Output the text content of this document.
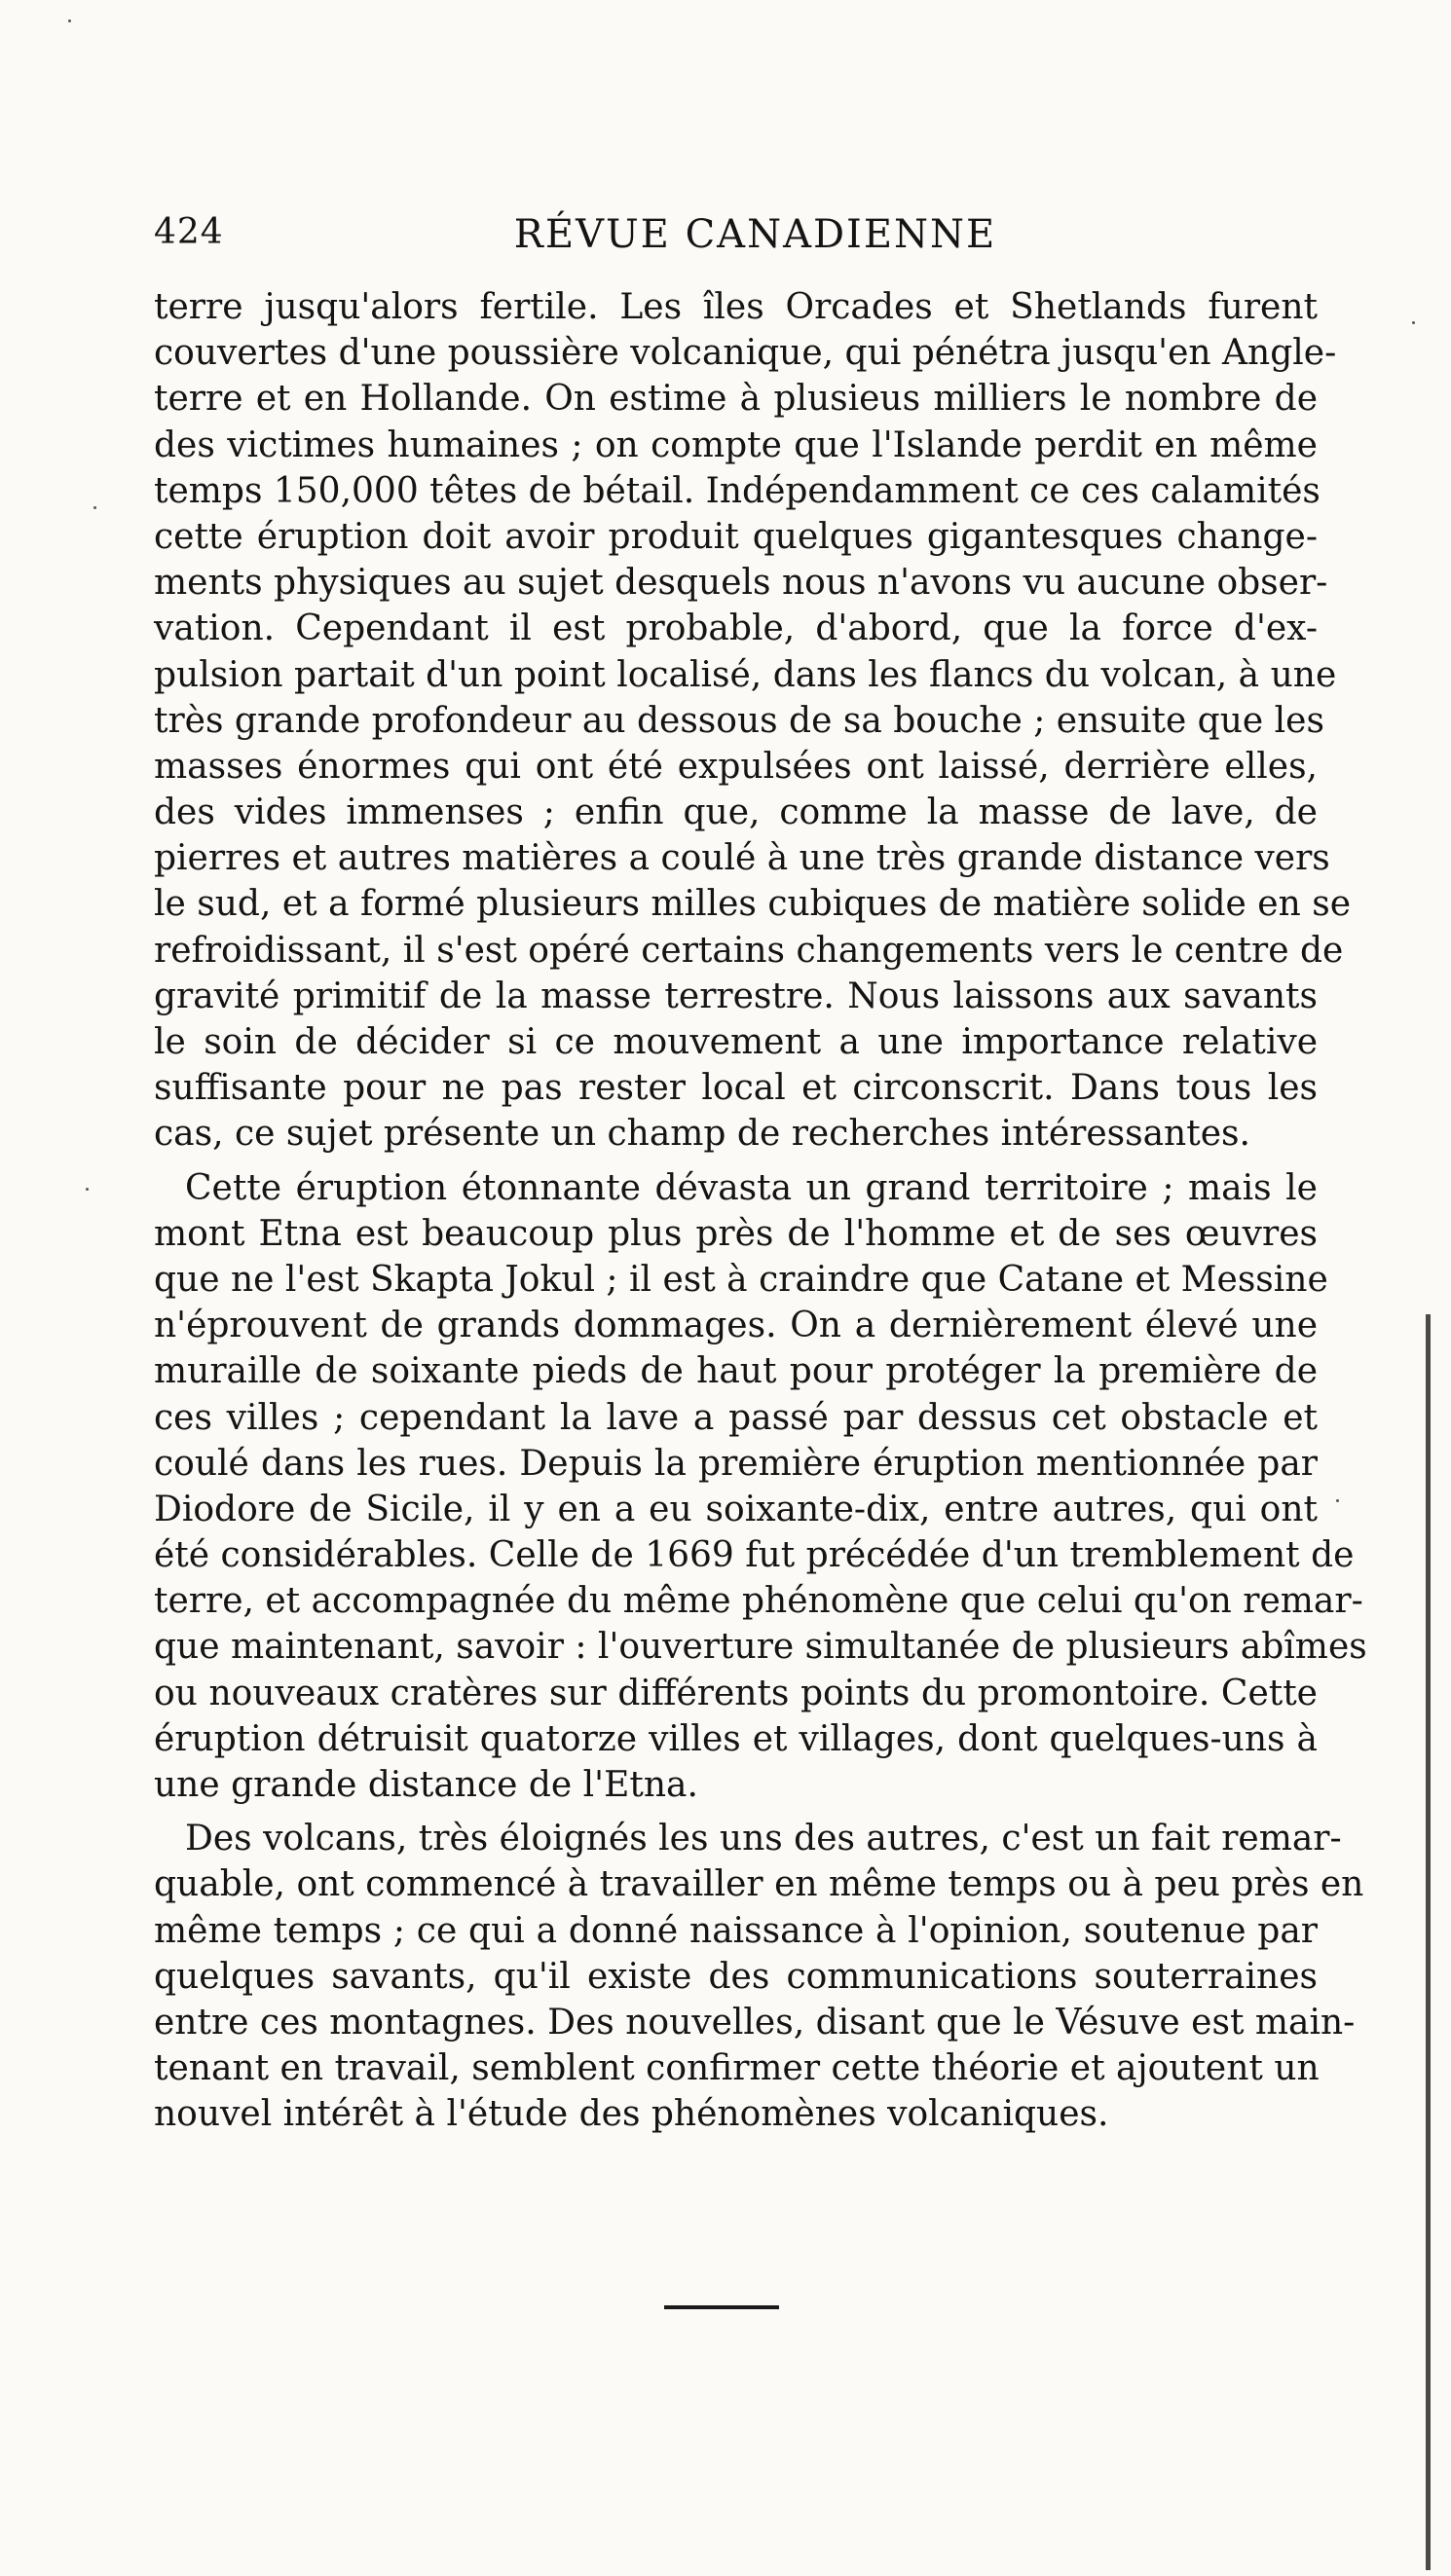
424	RÉVUE CANADIENNE
terre jusqu'alors fertile. Les îles Orcades et Shetlands furent
couvertes d'une poussière volcanique, qui pénétra jusqu'en Angle-
terre et en Hollande. On estime à plusieus milliers le nombre de
des victimes humaines ; on compte que l'Islande perdit en même
temps 150,000 têtes de bétail. Indépendamment ce ces calamités
cette éruption doit avoir produit quelques gigantesques change-
ments physiques au sujet desquels nous n'avons vu aucune obser-
vation. Cependant il est probable, d'abord, que la force d'ex-
pulsion partait d'un point localisé, dans les flancs du volcan, à une
très grande profondeur au dessous de sa bouche ; ensuite que les
masses énormes qui ont été expulsées ont laissé, derrière elles,
des vides immenses ; enfin que, comme la masse de lave, de
pierres et autres matières a coulé à une très grande distance vers
le sud, et a formé plusieurs milles cubiques de matière solide en se
refroidissant, il s'est opéré certains changements vers le centre de
gravité primitif de la masse terrestre. Nous laissons aux savants
le soin de décider si ce mouvement a une importance relative
suffisante pour ne pas rester local et circonscrit. Dans tous les
cas, ce sujet présente un champ de recherches intéressantes.
Cette éruption étonnante dévasta un grand territoire ; mais le
mont Etna est beaucoup plus près de l'homme et de ses œuvres
que ne l'est Skapta Jokul ; il est à craindre que Catane et Messine
n'éprouvent de grands dommages. On a dernièrement élevé une
muraille de soixante pieds de haut pour protéger la première de
ces villes ; cependant la lave a passé par dessus cet obstacle et
coulé dans les rues. Depuis la première éruption mentionnée par
Diodore de Sicile, il y en a eu soixante-dix, entre autres, qui ont
été considérables. Celle de 1669 fut précédée d'un tremblement de
terre, et accompagnée du même phénomène que celui qu'on remar-
que maintenant, savoir : l'ouverture simultanée de plusieurs abîmes
ou nouveaux cratères sur différents points du promontoire. Cette
éruption détruisit quatorze villes et villages, dont quelques-uns à
une grande distance de l'Etna.
Des volcans, très éloignés les uns des autres, c'est un fait remar-
quable, ont commencé à travailler en même temps ou à peu près en
même temps ; ce qui a donné naissance à l'opinion, soutenue par
quelques savants, qu'il existe des communications souterraines
entre ces montagnes. Des nouvelles, disant que le Vésuve est main-
tenant en travail, semblent confirmer cette théorie et ajoutent un
nouvel intérêt à l'étude des phénomènes volcaniques.
